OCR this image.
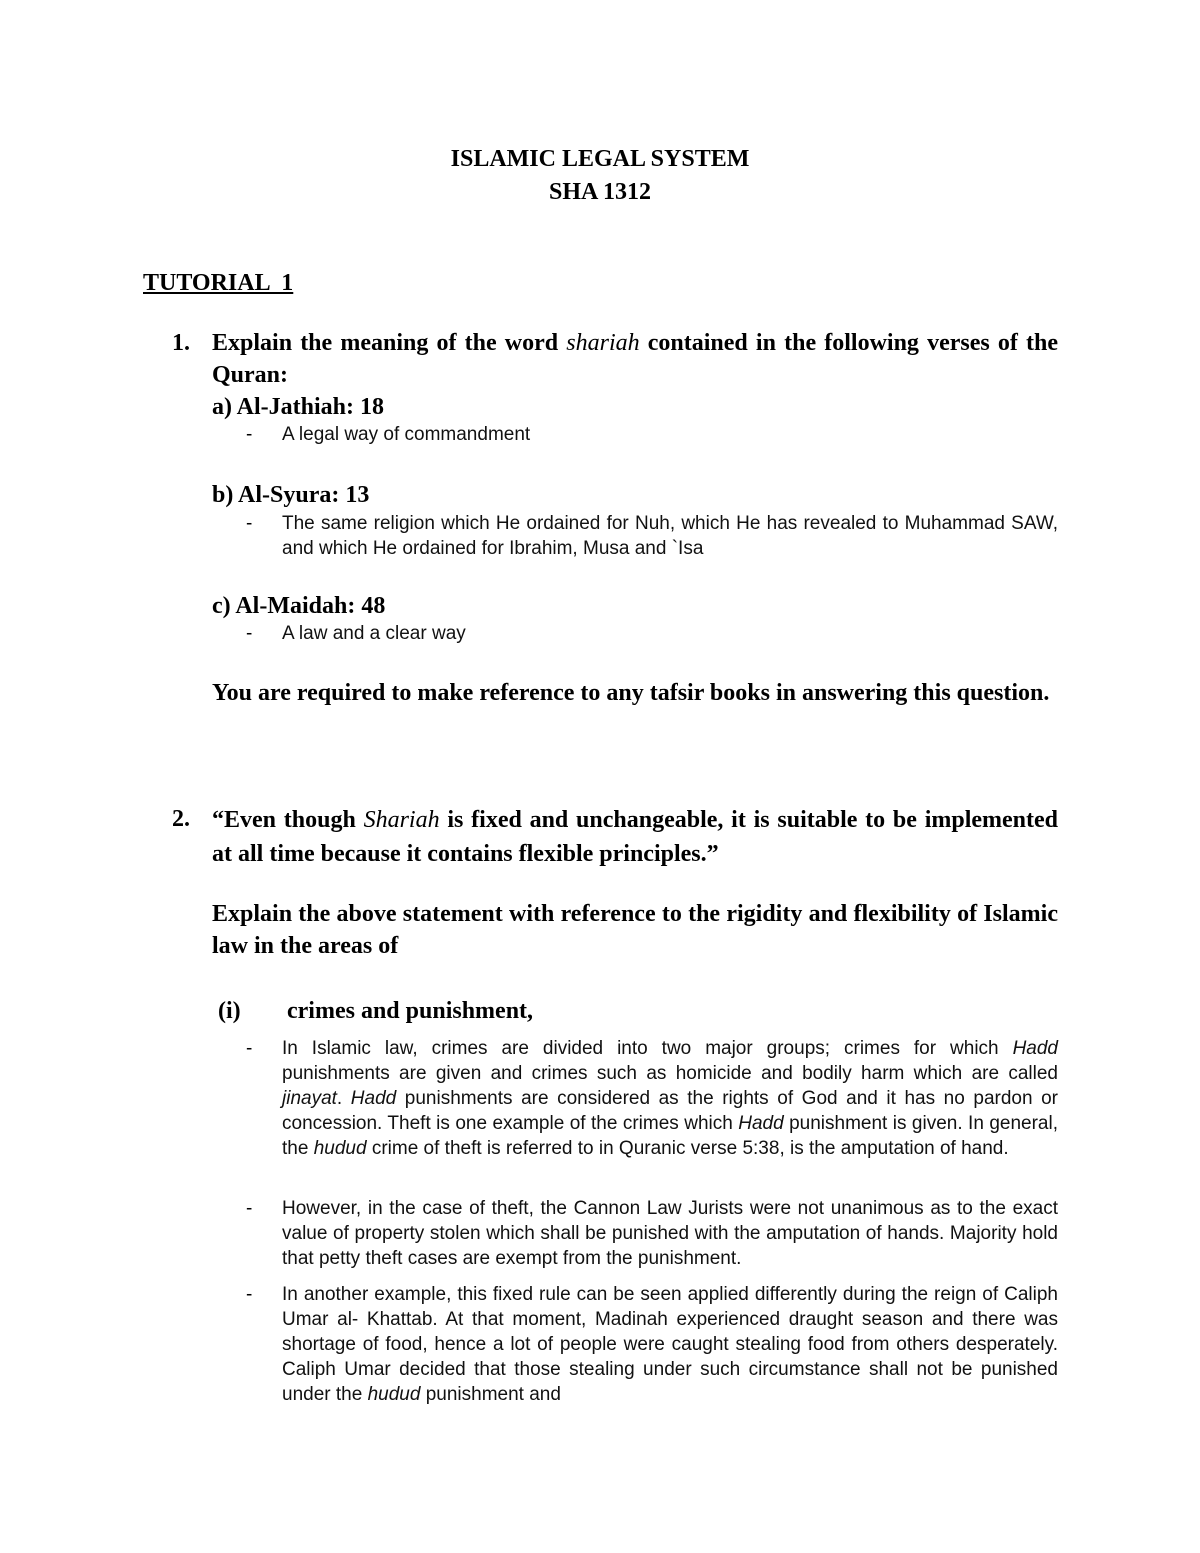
ISLAMIC LEGAL SYSTEM
SHA 1312
TUTORIAL  1
1. Explain the meaning of the word shariah contained in the following verses of the Quran:
a) Al-Jathiah: 18
- A legal way of commandment
b) Al-Syura: 13
- The same religion which He ordained for Nuh, which He has revealed to Muhammad SAW, and which He ordained for Ibrahim, Musa and `Isa
c) Al-Maidah: 48
- A law and a clear way
You are required to make reference to any tafsir books in answering this question.
2. “Even though Shariah is fixed and unchangeable, it is suitable to be implemented at all time because it contains flexible principles.”
Explain the above statement with reference to the rigidity and flexibility of Islamic law in the areas of
(i) crimes and punishment,
- In Islamic law, crimes are divided into two major groups; crimes for which Hadd punishments are given and crimes such as homicide and bodily harm which are called jinayat. Hadd punishments are considered as the rights of God and it has no pardon or concession. Theft is one example of the crimes which Hadd punishment is given. In general, the hudud crime of theft is referred to in Quranic verse 5:38, is the amputation of hand.
- However, in the case of theft, the Cannon Law Jurists were not unanimous as to the exact value of property stolen which shall be punished with the amputation of hands. Majority hold that petty theft cases are exempt from the punishment.
- In another example, this fixed rule can be seen applied differently during the reign of Caliph Umar al- Khattab. At that moment, Madinah experienced draught season and there was shortage of food, hence a lot of people were caught stealing food from others desperately. Caliph Umar decided that those stealing under such circumstance shall not be punished under the hudud punishment and
